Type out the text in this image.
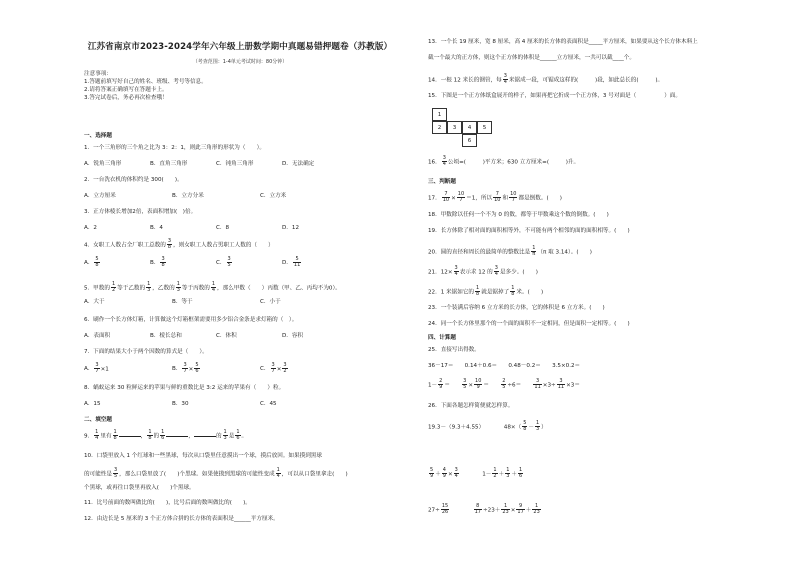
江苏省南京市2023-2024学年六年级上册数学期中真题易错押题卷（苏教版）
（考查范围：1-4单元考试时间：80分钟）
注意事项：
1.答题前填写好自己的姓名、班级、考号等信息。
2.请将答案正确填写在答题卡上。
3.答完试卷后，务必再次检查哦！
一、选择题
1．一个三角形的三个角之比为 3：2：1，则此三角形的形状为（　　）。
A．锐角三角形	B．直角三角形	C．钝角三角形	D．无法确定
2．一台洗衣机的体积约是 300(　　)。
A．立方厘米	B．立方分米	C．立方米
3．正方体棱长增加2倍，表面积增加(　)倍。
A．2	B．4	C．8	D．12
4．女职工人数占全厂职工总数的 $\frac{3}{8}$ ，则女职工人数占男职工人数的（　　）
A． $\frac{5}{8}$	B． $\frac{3}{8}$	C． $\frac{3}{5}$	D． $\frac{5}{11}$
5．甲数的 $\frac{1}{2}$ 等于乙数的 $\frac{1}{3}$ ，乙数的 $\frac{1}{3}$ 等于丙数的 $\frac{1}{4}$ ，那么甲数（　　）丙数（甲、乙、丙均不为0）。
A．大于	B．等于	C．小于
6．刷作一个长方体灯箱，计算做这个灯箱框架需要用多少铝合金条是求灯箱的（　）。
A．表面积	B．棱长总和	C．体积	D．容积
7．下面的结果大小于两个因数的算式是（　　）。
A． $\frac{3}{7} \times 1$	B． $\frac{3}{7} \times \frac{5}{6}$	C． $\frac{3}{7} \times \frac{3}{2}$
8．蜗蚁运来 30 粒鲜运来的苹果与鲜的重数比是 3:2 运来的苹果有（　　）粒。
A．15	B．30	C．45
二、填空题
9． $\frac{1}{4}$ 里有 $\frac{1}{8}$	， $\frac{1}{8}$ 的 $\frac{1}{6}$	，	的 $\frac{1}{3}$ 是 $\frac{1}{6}$ 。
10．口袋里放入 1 个红球和一些黑球，每次从口袋里任意摸出一个球，摸后放回。如果摸到黑球
的可能性是 $\frac{3}{5}$ ，那么口袋里放了(　　)个黑球。如果使摸到黑球的可能性变成 $\frac{1}{4}$ ，可以从口袋里拿走(　　)
个黑球，或再往口袋里再放入(　　)个黑球。
11．比号前面的数叫做比的(　　)，比号后面的数叫做比的(　　)。
12．由边长是 5 厘米的 3 个正方体合拼的长方体的表面积是______平方厘米。
13．一个长 19 厘米，宽 8 厘米，高 4 厘米的长方体的表面积是_____平方厘米，如果要从这个长方体木料上
截一个最大的正方体，则这个正方体的体积是______立方厘米，一共可以截____个。
14．一根 12 米长的钢管，每 $\frac{3}{4}$ 米锯成一段，可锯成这样的(　　　)段，如此总长的(　　　)。
15．下图是一个正方体纸盒展开的样子，如果再把它折成一个正方体，3 号对面是（　　　　　）面。
1
2	3	4	5
6
16． $\frac{3}{4}$ 公顷=(　　　)平方米；630 立方厘米=(　　　)升。
三、判断题
17． $\frac{7}{10} \times \frac{10}{7} =1$，所以 $\frac{7}{10}$ 和 $\frac{10}{7}$ 都是倒数。(　　)
18．甲数除以任何一个不为 0 的数，都等于甲数乘这个数的倒数。(　　)
19．长方体除了相对面的面积相等外，不可能有两个相邻的面的面积相等。(　　)
20．圆的直径和周长的最简单的整数比是 $\frac{1}{\pi} (\pi$ 取 3.14）。(　　)
21．$12\times \frac{3}{4}$ 表示求 12 的 $\frac{3}{4}$ 是多少。(　　)
22．1 米锯如它的 $\frac{1}{8}$ 就是锯掉了 $\frac{1}{8}$ 米。(　　)
23．一个装满后容纳 6 立方米的长方体，它的体积是 6 立方米。(　　)
24．同一个长方体里那个的一个面的面积不一定相同，但是面积一定相等。(　　)
四、计算题
25．直接写出得数。
36－17＝　　0.14＋0.6＝　　0.48－0.2＝　　3.5×0.2＝
$1- \frac{2}{9}$ ＝　　 $\frac{3}{5} \times \frac{10}{9}$ ＝　　 $\frac{2}{5} \div 6=$　　 $\frac{3}{11} \times 3\div \frac{3}{11} \times 3=$
26．下面各题怎样简便就怎样算。
19.3－（9.3＋4.55）　　　　	$48\times( \frac{5}{8} - \frac{1}{3}$ ）
$\frac{5}{9} + \frac{4}{9} \times \frac{3}{4}$ 　　　　$1- \frac{1}{2} + \frac{1}{3} + \frac{1}{6}$
$27\div \frac{15}{26}$
　　　　	$\frac{8}{17} \div 23+ \frac{1}{23} \times \frac{9}{17} + \frac{1}{23}$
